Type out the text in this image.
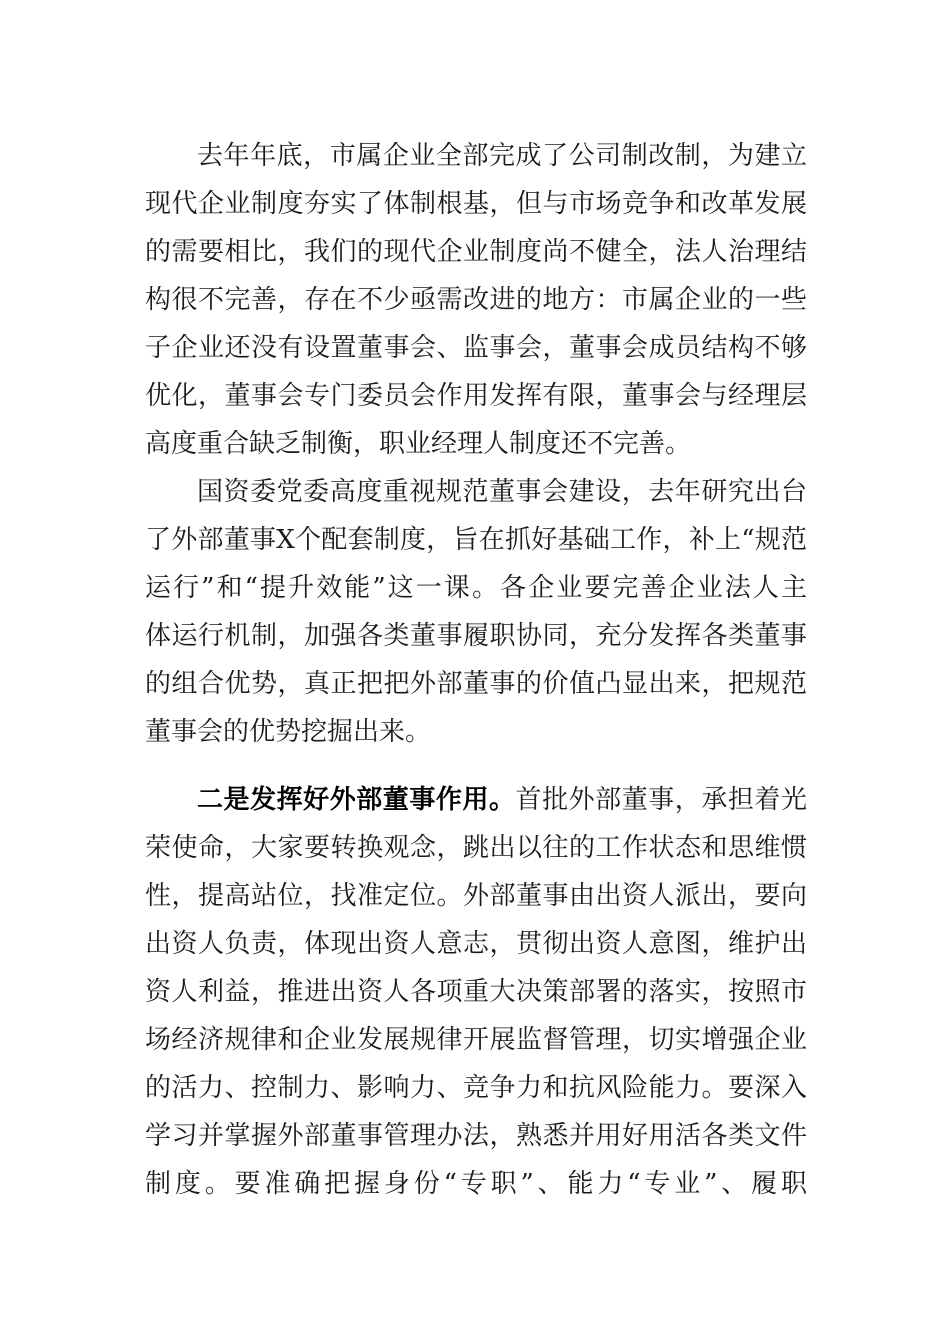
去年年底，市属企业全部完成了公司制改制，为建立
现代企业制度夯实了体制根基，但与市场竞争和改革发展
的需要相比，我们的现代企业制度尚不健全，法人治理结
构很不完善，存在不少亟需改进的地方：市属企业的一些
子企业还没有设置董事会、监事会，董事会成员结构不够
优化，董事会专门委员会作用发挥有限，董事会与经理层
高度重合缺乏制衡，职业经理人制度还不完善。
国资委党委高度重视规范董事会建设，去年研究出台
了外部董事X个配套制度，旨在抓好基础工作，补上“规范
运行”和“提升效能”这一课。各企业要完善企业法人主
体运行机制，加强各类董事履职协同，充分发挥各类董事
的组合优势，真正把把外部董事的价值凸显出来，把规范
董事会的优势挖掘出来。
二是发挥好外部董事作用。首批外部董事，承担着光
荣使命，大家要转换观念，跳出以往的工作状态和思维惯
性，提高站位，找准定位。外部董事由出资人派出，要向
出资人负责，体现出资人意志，贯彻出资人意图，维护出
资人利益，推进出资人各项重大决策部署的落实，按照市
场经济规律和企业发展规律开展监督管理，切实增强企业
的活力、控制力、影响力、竞争力和抗风险能力。要深入
学习并掌握外部董事管理办法，熟悉并用好用活各类文件
制度。要准确把握身份“专职”、能力“专业”、履职
